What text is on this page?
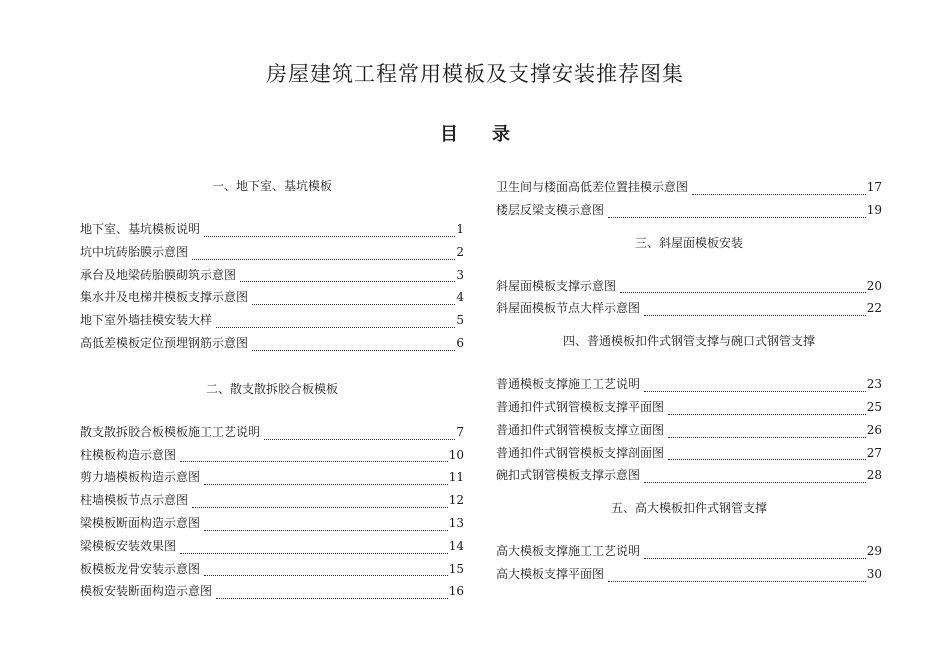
房屋建筑工程常用模板及支撑安装推荐图集
目 录
一、地下室、基坑模板
地下室、基坑模板说明	1
坑中坑砖胎膜示意图	2
承台及地梁砖胎膜砌筑示意图	3
集水井及电梯井模板支撑示意图	4
地下室外墙挂模安装大样	5
高低差模板定位预埋钢筋示意图	6
二、散支散拆胶合板模板
散支散拆胶合板模板施工工艺说明	7
柱模板构造示意图	10
剪力墙模板构造示意图	11
柱墙模板节点示意图	12
梁模板断面构造示意图	13
梁模板安装效果图	14
板模板龙骨安装示意图	15
模板安装断面构造示意图	16
卫生间与楼面高低差位置挂模示意图	17
楼层反梁支模示意图	19
三、斜屋面模板安装
斜屋面模板支撑示意图	20
斜屋面模板节点大样示意图	22
四、普通模板扣件式钢管支撑与碗口式钢管支撑
普通模板支撑施工工艺说明	23
普通扣件式钢管模板支撑平面图	25
普通扣件式钢管模板支撑立面图	26
普通扣件式钢管模板支撑剖面图	27
碗扣式钢管模板支撑示意图	28
五、高大模板扣件式钢管支撑
高大模板支撑施工工艺说明	29
高大模板支撑平面图	30
